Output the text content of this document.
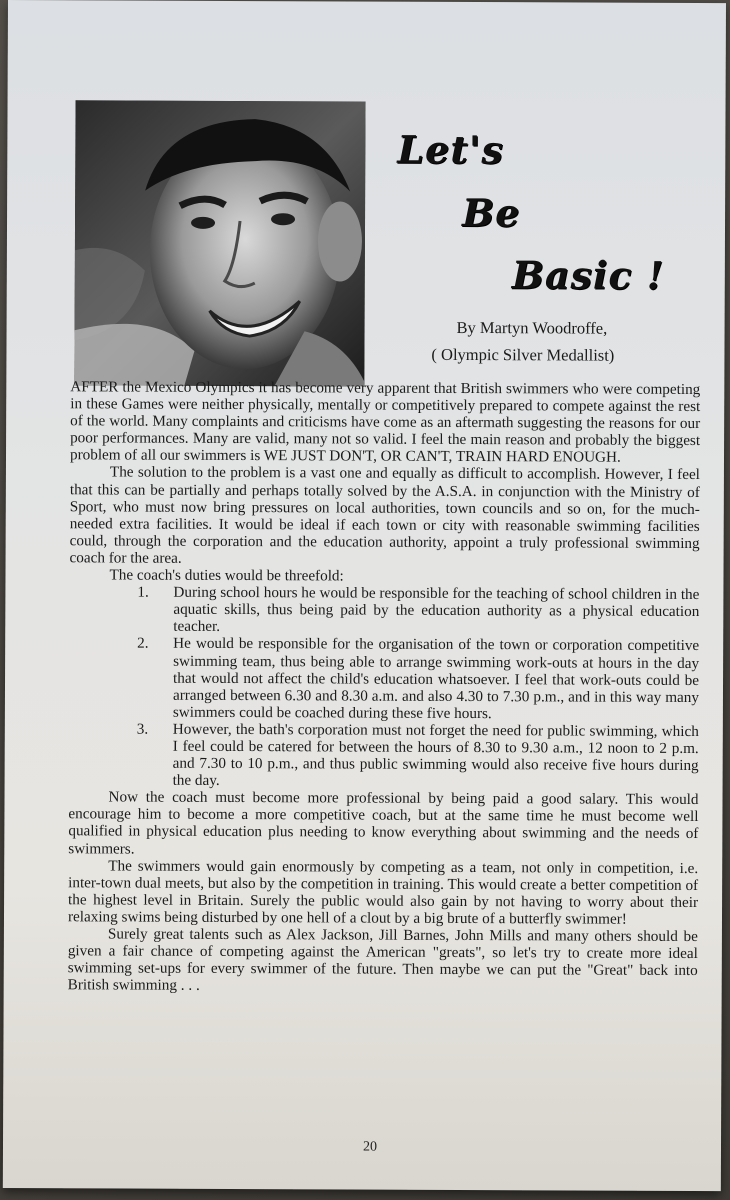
Let's
Be
Basic !
By Martyn Woodroffe,
( Olympic Silver Medallist)

AFTER the Mexico Olympics it has become very apparent that British swimmers who were competing in these Games were neither physically, mentally or competitively prepared to compete against the rest of the world. Many complaints and criticisms have come as an aftermath suggesting the reasons for our poor performances. Many are valid, many not so valid. I feel the main reason and probably the biggest problem of all our swimmers is WE JUST DON'T, OR CAN'T, TRAIN HARD ENOUGH.

The solution to the problem is a vast one and equally as difficult to accomplish. However, I feel that this can be partially and perhaps totally solved by the A.S.A. in conjunction with the Ministry of Sport, who must now bring pressures on local authorities, town councils and so on, for the much-needed extra facilities. It would be ideal if each town or city with reasonable swimming facilities could, through the corporation and the education authority, appoint a truly professional swimming coach for the area.

The coach's duties would be threefold:

1. During school hours he would be responsible for the teaching of school children in the aquatic skills, thus being paid by the education authority as a physical education teacher.
2. He would be responsible for the organisation of the town or corporation competitive swimming team, thus being able to arrange swimming work-outs at hours in the day that would not affect the child's education whatsoever. I feel that work-outs could be arranged between 6.30 and 8.30 a.m. and also 4.30 to 7.30 p.m., and in this way many swimmers could be coached during these five hours.
3. However, the bath's corporation must not forget the need for public swimming, which I feel could be catered for between the hours of 8.30 to 9.30 a.m., 12 noon to 2 p.m. and 7.30 to 10 p.m., and thus public swimming would also receive five hours during the day.

Now the coach must become more professional by being paid a good salary. This would encourage him to become a more competitive coach, but at the same time he must become well qualified in physical education plus needing to know everything about swimming and the needs of swimmers.

The swimmers would gain enormously by competing as a team, not only in competition, i.e. inter-town dual meets, but also by the competition in training. This would create a better competition of the highest level in Britain. Surely the public would also gain by not having to worry about their relaxing swims being disturbed by one hell of a clout by a big brute of a butterfly swimmer!

Surely great talents such as Alex Jackson, Jill Barnes, John Mills and many others should be given a fair chance of competing against the American "greats", so let's try to create more ideal swimming set-ups for every swimmer of the future. Then maybe we can put the "Great" back into British swimming . . .

20
